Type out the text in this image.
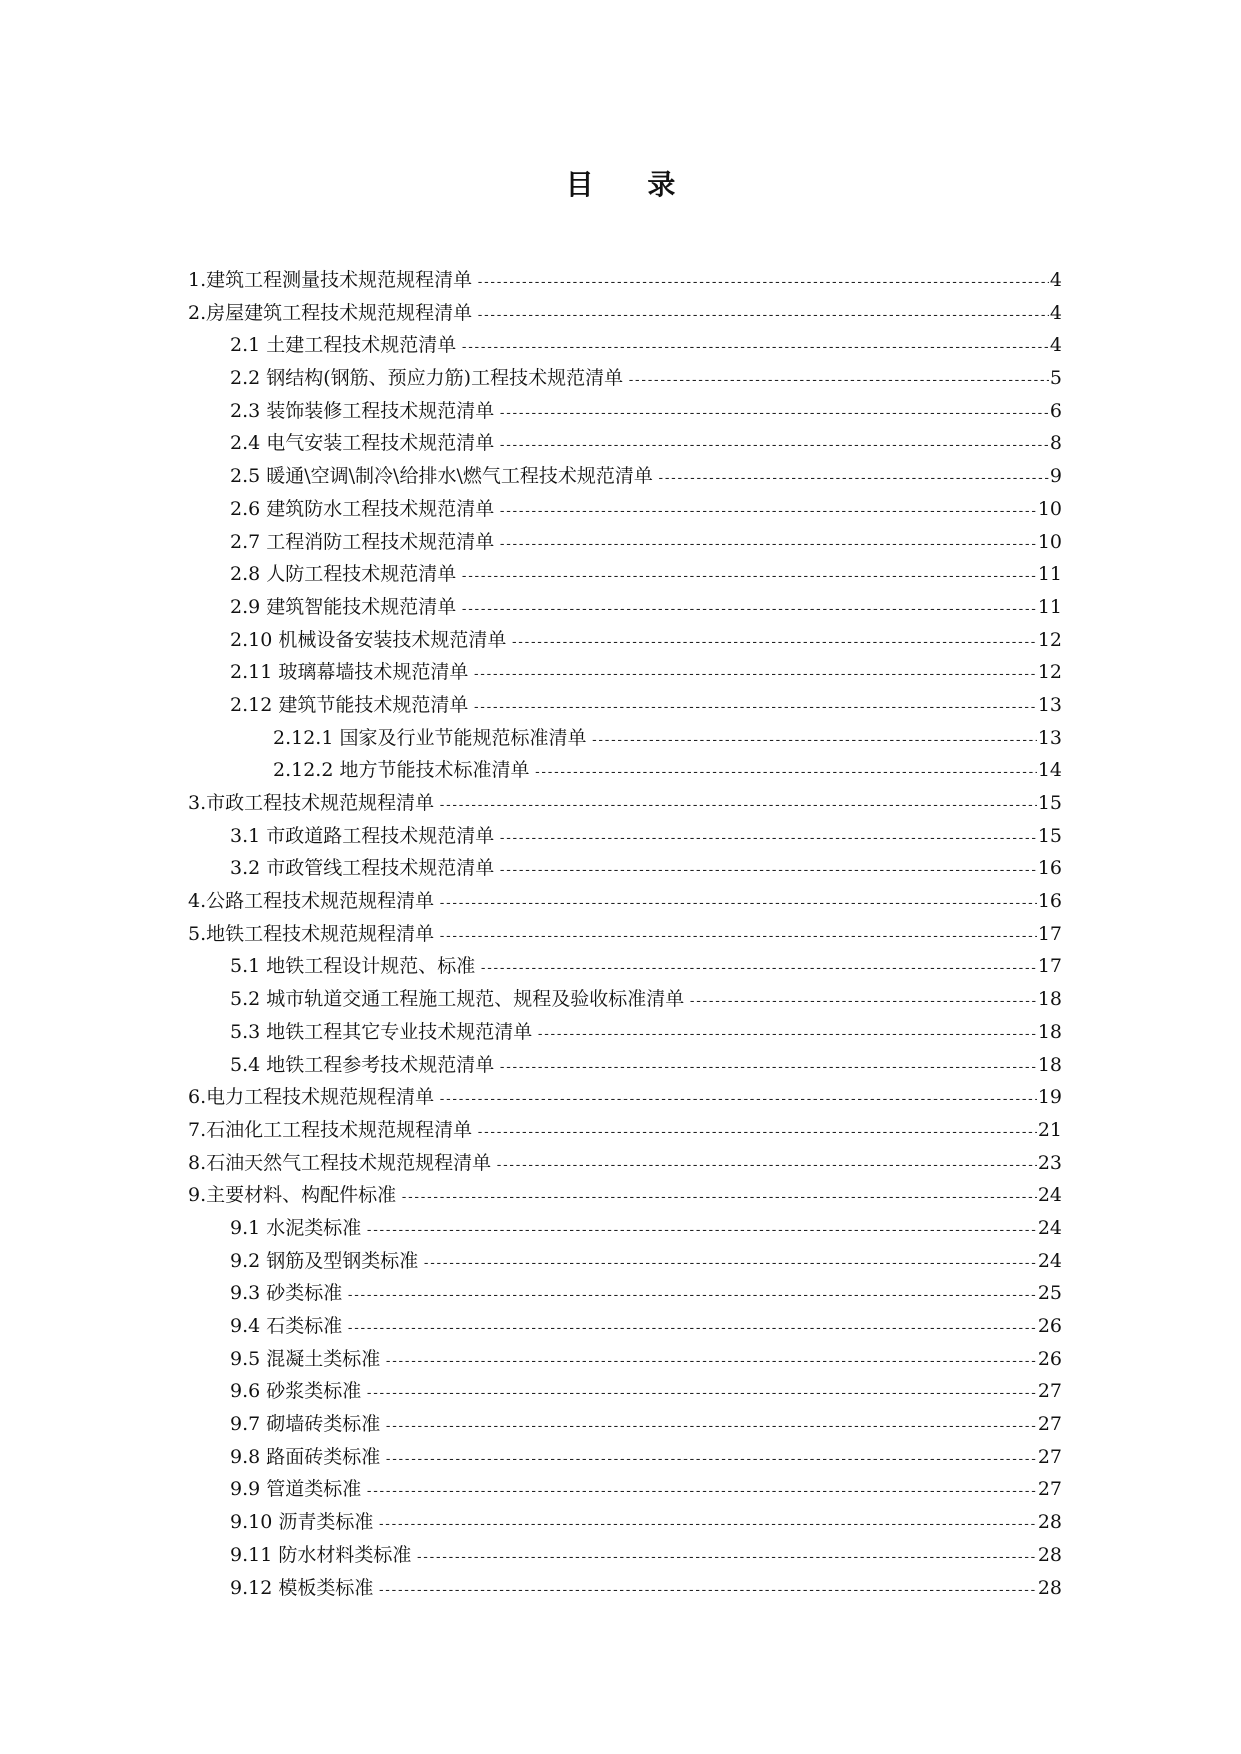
目 录
1.建筑工程测量技术规范规程清单 -----	4
2.房屋建筑工程技术规范规程清单 -----	4
2.1 土建工程技术规范清单 -----	4
2.2 钢结构(钢筋、预应力筋)工程技术规范清单 -----	5
2.3 装饰装修工程技术规范清单 -----	6
2.4 电气安装工程技术规范清单 -----	8
2.5 暖通\空调\制冷\给排水\燃气工程技术规范清单 -----	9
2.6 建筑防水工程技术规范清单 -----	10
2.7 工程消防工程技术规范清单 -----	10
2.8 人防工程技术规范清单 -----	11
2.9 建筑智能技术规范清单 -----	11
2.10 机械设备安装技术规范清单 -----	12
2.11 玻璃幕墙技术规范清单 -----	12
2.12 建筑节能技术规范清单 -----	13
2.12.1 国家及行业节能规范标准清单 -----	13
2.12.2 地方节能技术标准清单 -----	14
3.市政工程技术规范规程清单 -----	15
3.1 市政道路工程技术规范清单 -----	15
3.2 市政管线工程技术规范清单 -----	16
4.公路工程技术规范规程清单 -----	16
5.地铁工程技术规范规程清单 -----	17
5.1 地铁工程设计规范、标准 -----	17
5.2 城市轨道交通工程施工规范、规程及验收标准清单 -----	18
5.3 地铁工程其它专业技术规范清单 -----	18
5.4 地铁工程参考技术规范清单 -----	18
6.电力工程技术规范规程清单 -----	19
7.石油化工工程技术规范规程清单 -----	21
8.石油天然气工程技术规范规程清单 -----	23
9.主要材料、构配件标准 -----	24
9.1 水泥类标准 -----	24
9.2 钢筋及型钢类标准 -----	24
9.3 砂类标准 -----	25
9.4 石类标准 -----	26
9.5 混凝土类标准 -----	26
9.6 砂浆类标准 -----	27
9.7 砌墙砖类标准 -----	27
9.8 路面砖类标准 -----	27
9.9 管道类标准 -----	27
9.10 沥青类标准 -----	28
9.11 防水材料类标准 -----	28
9.12 模板类标准 -----	28
